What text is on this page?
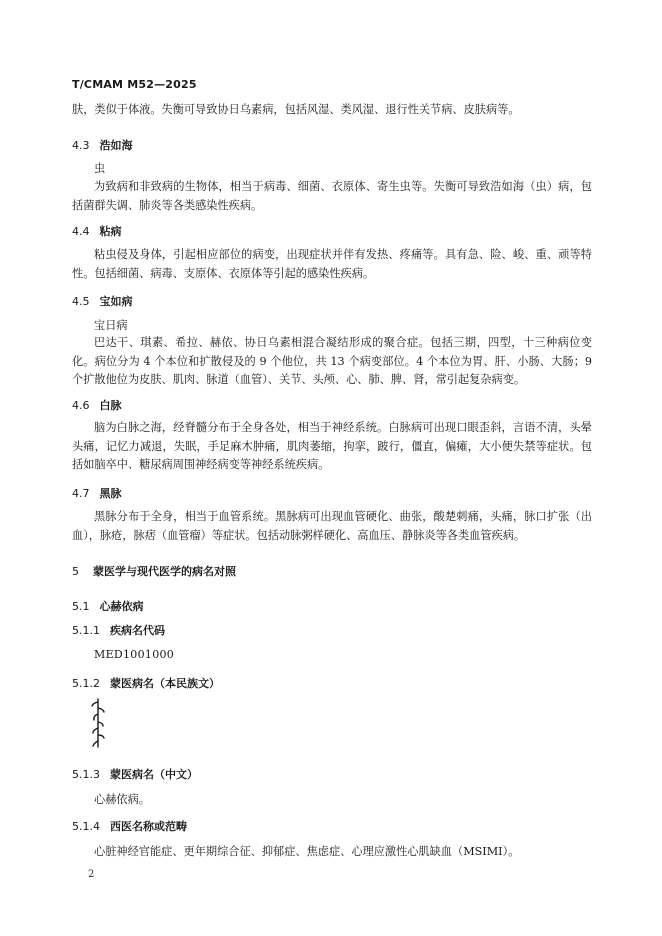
T/CMAM M52—2025
肤，类似于体液。失衡可导致协日乌素病，包括风湿、类风湿、退行性关节病、皮肤病等。
4.3 浩如海
虫
为致病和非致病的生物体，相当于病毒、细菌、衣原体、寄生虫等。失衡可导致浩如海（虫）病，包括菌群失调、肺炎等各类感染性疾病。
4.4 粘病
粘虫侵及身体，引起相应部位的病变，出现症状并伴有发热、疼痛等。具有急、险、峻、重、顽等特性。包括细菌、病毒、支原体、衣原体等引起的感染性疾病。
4.5 宝如病
宝日病
巴达干、琪素、希拉、赫依、协日乌素相混合凝结形成的聚合症。包括三期，四型，十三种病位变化。病位分为 4 个本位和扩散侵及的 9 个他位，共 13 个病变部位。4 个本位为胃、肝、小肠、大肠；9 个扩散他位为皮肤、肌肉、脉道（血管）、关节、头颅、心、肺、脾、肾，常引起复杂病变。
4.6 白脉
脑为白脉之海，经脊髓分布于全身各处，相当于神经系统。白脉病可出现口眼歪斜，言语不清，头晕头痛，记忆力减退，失眠，手足麻木肿痛，肌肉萎缩，拘挛，跛行，僵直，偏瘫，大小便失禁等症状。包括如脑卒中、糖尿病周围神经病变等神经系统疾病。
4.7 黑脉
黑脉分布于全身，相当于血管系统。黑脉病可出现血管硬化、曲张，酸楚刺痛，头痛，脉口扩张（出血），脉疮，脉痞（血管瘤）等症状。包括动脉粥样硬化、高血压、静脉炎等各类血管疾病。
5 蒙医学与现代医学的病名对照
5.1 心赫依病
5.1.1 疾病名代码
MED1001000
5.1.2 蒙医病名（本民族文）
5.1.3 蒙医病名（中文）
心赫依病。
5.1.4 西医名称或范畴
心脏神经官能症、更年期综合征、抑郁症、焦虑症、心理应激性心肌缺血（MSIMI）。
2
